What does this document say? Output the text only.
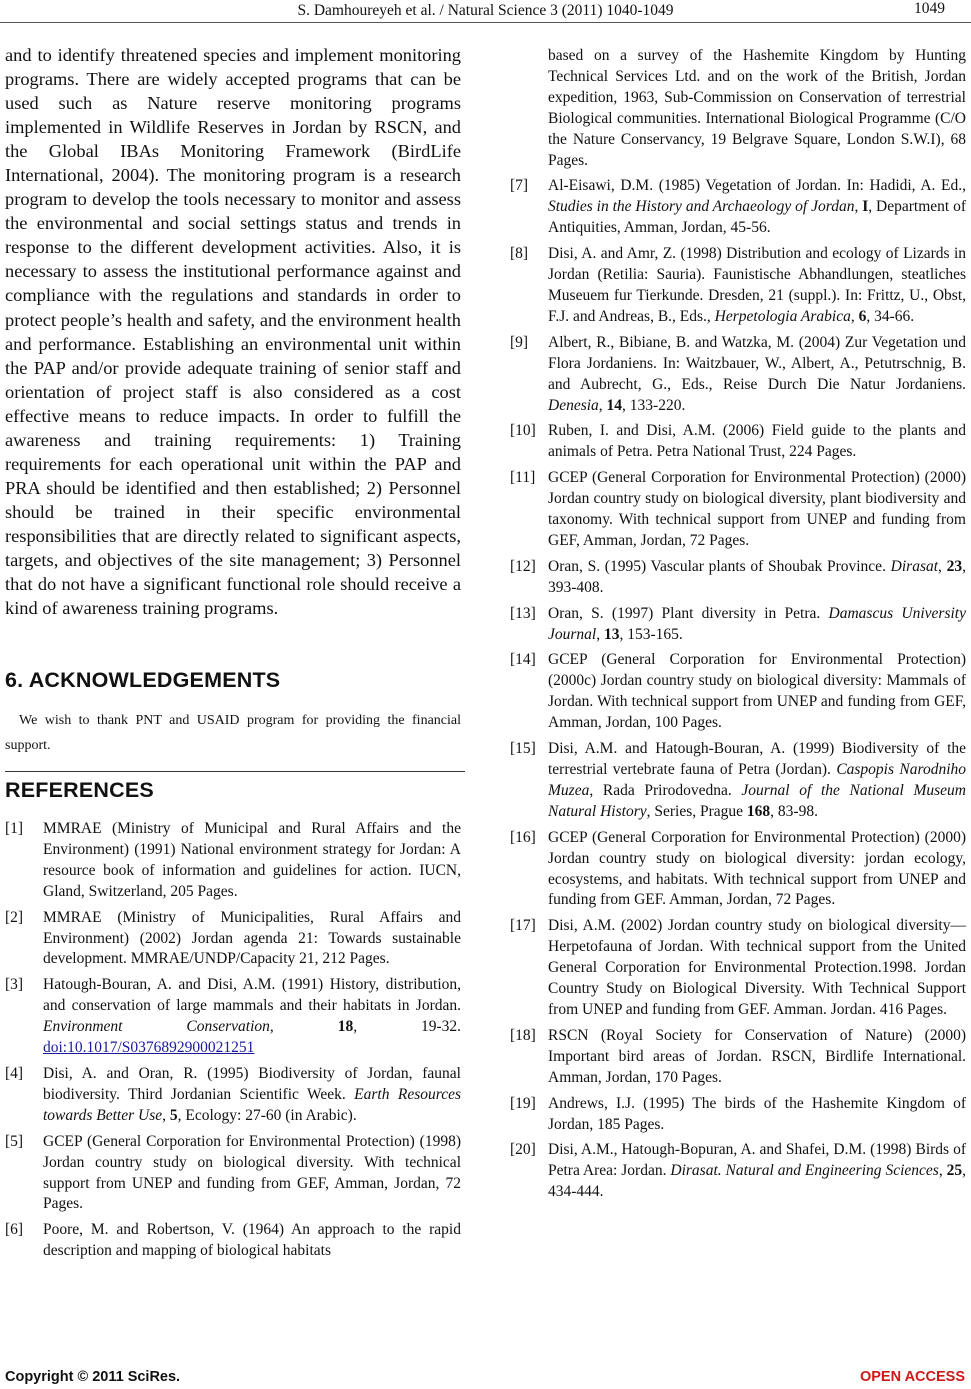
S. Damhoureyeh et al. / Natural Science 3 (2011) 1040-1049	1049

and to identify threatened species and implement monitoring programs. There are widely accepted programs that can be used such as Nature reserve monitoring programs implemented in Wildlife Reserves in Jordan by RSCN, and the Global IBAs Monitoring Framework (BirdLife International, 2004). The monitoring program is a research program to develop the tools necessary to monitor and assess the environmental and social settings status and trends in response to the different development activities. Also, it is necessary to assess the institutional performance against and compliance with the regulations and standards in order to protect people’s health and safety, and the environment health and performance. Establishing an environmental unit within the PAP and/or provide adequate training of senior staff and orientation of project staff is also considered as a cost effective means to reduce impacts. In order to fulfill the awareness and training requirements: 1) Training requirements for each operational unit within the PAP and PRA should be identified and then established; 2) Personnel should be trained in their specific environmental responsibilities that are directly related to significant aspects, targets, and objectives of the site management; 3) Personnel that do not have a significant functional role should receive a kind of awareness training programs.

6. ACKNOWLEDGEMENTS

We wish to thank PNT and USAID program for providing the financial support.

REFERENCES
[1]	MMRAE (Ministry of Municipal and Rural Affairs and the Environment) (1991) National environment strategy for Jordan: A resource book of information and guidelines for action. IUCN, Gland, Switzerland, 205 Pages.
[2]	MMRAE (Ministry of Municipalities, Rural Affairs and Environment) (2002) Jordan agenda 21: Towards sustainable development. MMRAE/UNDP/Capacity 21, 212 Pages.
[3]	Hatough-Bouran, A. and Disi, A.M. (1991) History, distribution, and conservation of large mammals and their habitats in Jordan. Environment Conservation, 18, 19-32. doi:10.1017/S0376892900021251
[4]	Disi, A. and Oran, R. (1995) Biodiversity of Jordan, faunal biodiversity. Third Jordanian Scientific Week. Earth Resources towards Better Use, 5, Ecology: 27-60 (in Arabic).
[5]	GCEP (General Corporation for Environmental Protection) (1998) Jordan country study on biological diversity. With technical support from UNEP and funding from GEF, Amman, Jordan, 72 Pages.
[6]	Poore, M. and Robertson, V. (1964) An approach to the rapid description and mapping of biological habitats
based on a survey of the Hashemite Kingdom by Hunting Technical Services Ltd. and on the work of the British, Jordan expedition, 1963, Sub-Commission on Conservation of terrestrial Biological communities. International Biological Programme (C/O the Nature Conservancy, 19 Belgrave Square, London S.W.I), 68 Pages.
[7]	Al-Eisawi, D.M. (1985) Vegetation of Jordan. In: Hadidi, A. Ed., Studies in the History and Archaeology of Jordan, I, Department of Antiquities, Amman, Jordan, 45-56.
[8]	Disi, A. and Amr, Z. (1998) Distribution and ecology of Lizards in Jordan (Retilia: Sauria). Faunistische Abhandlungen, steatliches Museuem fur Tierkunde. Dresden, 21 (suppl.). In: Frittz, U., Obst, F.J. and Andreas, B., Eds., Herpetologia Arabica, 6, 34-66.
[9]	Albert, R., Bibiane, B. and Watzka, M. (2004) Zur Vegetation und Flora Jordaniens. In: Waitzbauer, W., Albert, A., Petutrschnig, B. and Aubrecht, G., Eds., Reise Durch Die Natur Jordaniens. Denesia, 14, 133-220.
[10] Ruben, I. and Disi, A.M. (2006) Field guide to the plants and animals of Petra. Petra National Trust, 224 Pages.
[11] GCEP (General Corporation for Environmental Protection) (2000) Jordan country study on biological diversity, plant biodiversity and taxonomy. With technical support from UNEP and funding from GEF, Amman, Jordan, 72 Pages.
[12] Oran, S. (1995) Vascular plants of Shoubak Province. Dirasat, 23, 393-408.
[13] Oran, S. (1997) Plant diversity in Petra. Damascus University Journal, 13, 153-165.
[14] GCEP (General Corporation for Environmental Protection) (2000c) Jordan country study on biological diversity: Mammals of Jordan. With technical support from UNEP and funding from GEF, Amman, Jordan, 100 Pages.
[15] Disi, A.M. and Hatough-Bouran, A. (1999) Biodiversity of the terrestrial vertebrate fauna of Petra (Jordan). Caspopis Narodniho Muzea, Rada Prirodovedna. Journal of the National Museum Natural History, Series, Prague 168, 83-98.
[16] GCEP (General Corporation for Environmental Protection) (2000) Jordan country study on biological diversity: jordan ecology, ecosystems, and habitats. With technical support from UNEP and funding from GEF. Amman, Jordan, 72 Pages.
[17] Disi, A.M. (2002) Jordan country study on biological diversity—Herpetofauna of Jordan. With technical support from the United General Corporation for Environmental Protection.1998. Jordan Country Study on Biological Diversity. With Technical Support from UNEP and funding from GEF. Amman. Jordan. 416 Pages.
[18] RSCN (Royal Society for Conservation of Nature) (2000) Important bird areas of Jordan. RSCN, Birdlife International. Amman, Jordan, 170 Pages.
[19] Andrews, I.J. (1995) The birds of the Hashemite Kingdom of Jordan, 185 Pages.
[20] Disi, A.M., Hatough-Bopuran, A. and Shafei, D.M. (1998) Birds of Petra Area: Jordan. Dirasat. Natural and Engineering Sciences, 25, 434-444.
Copyright © 2011 SciRes.	OPEN ACCESS
